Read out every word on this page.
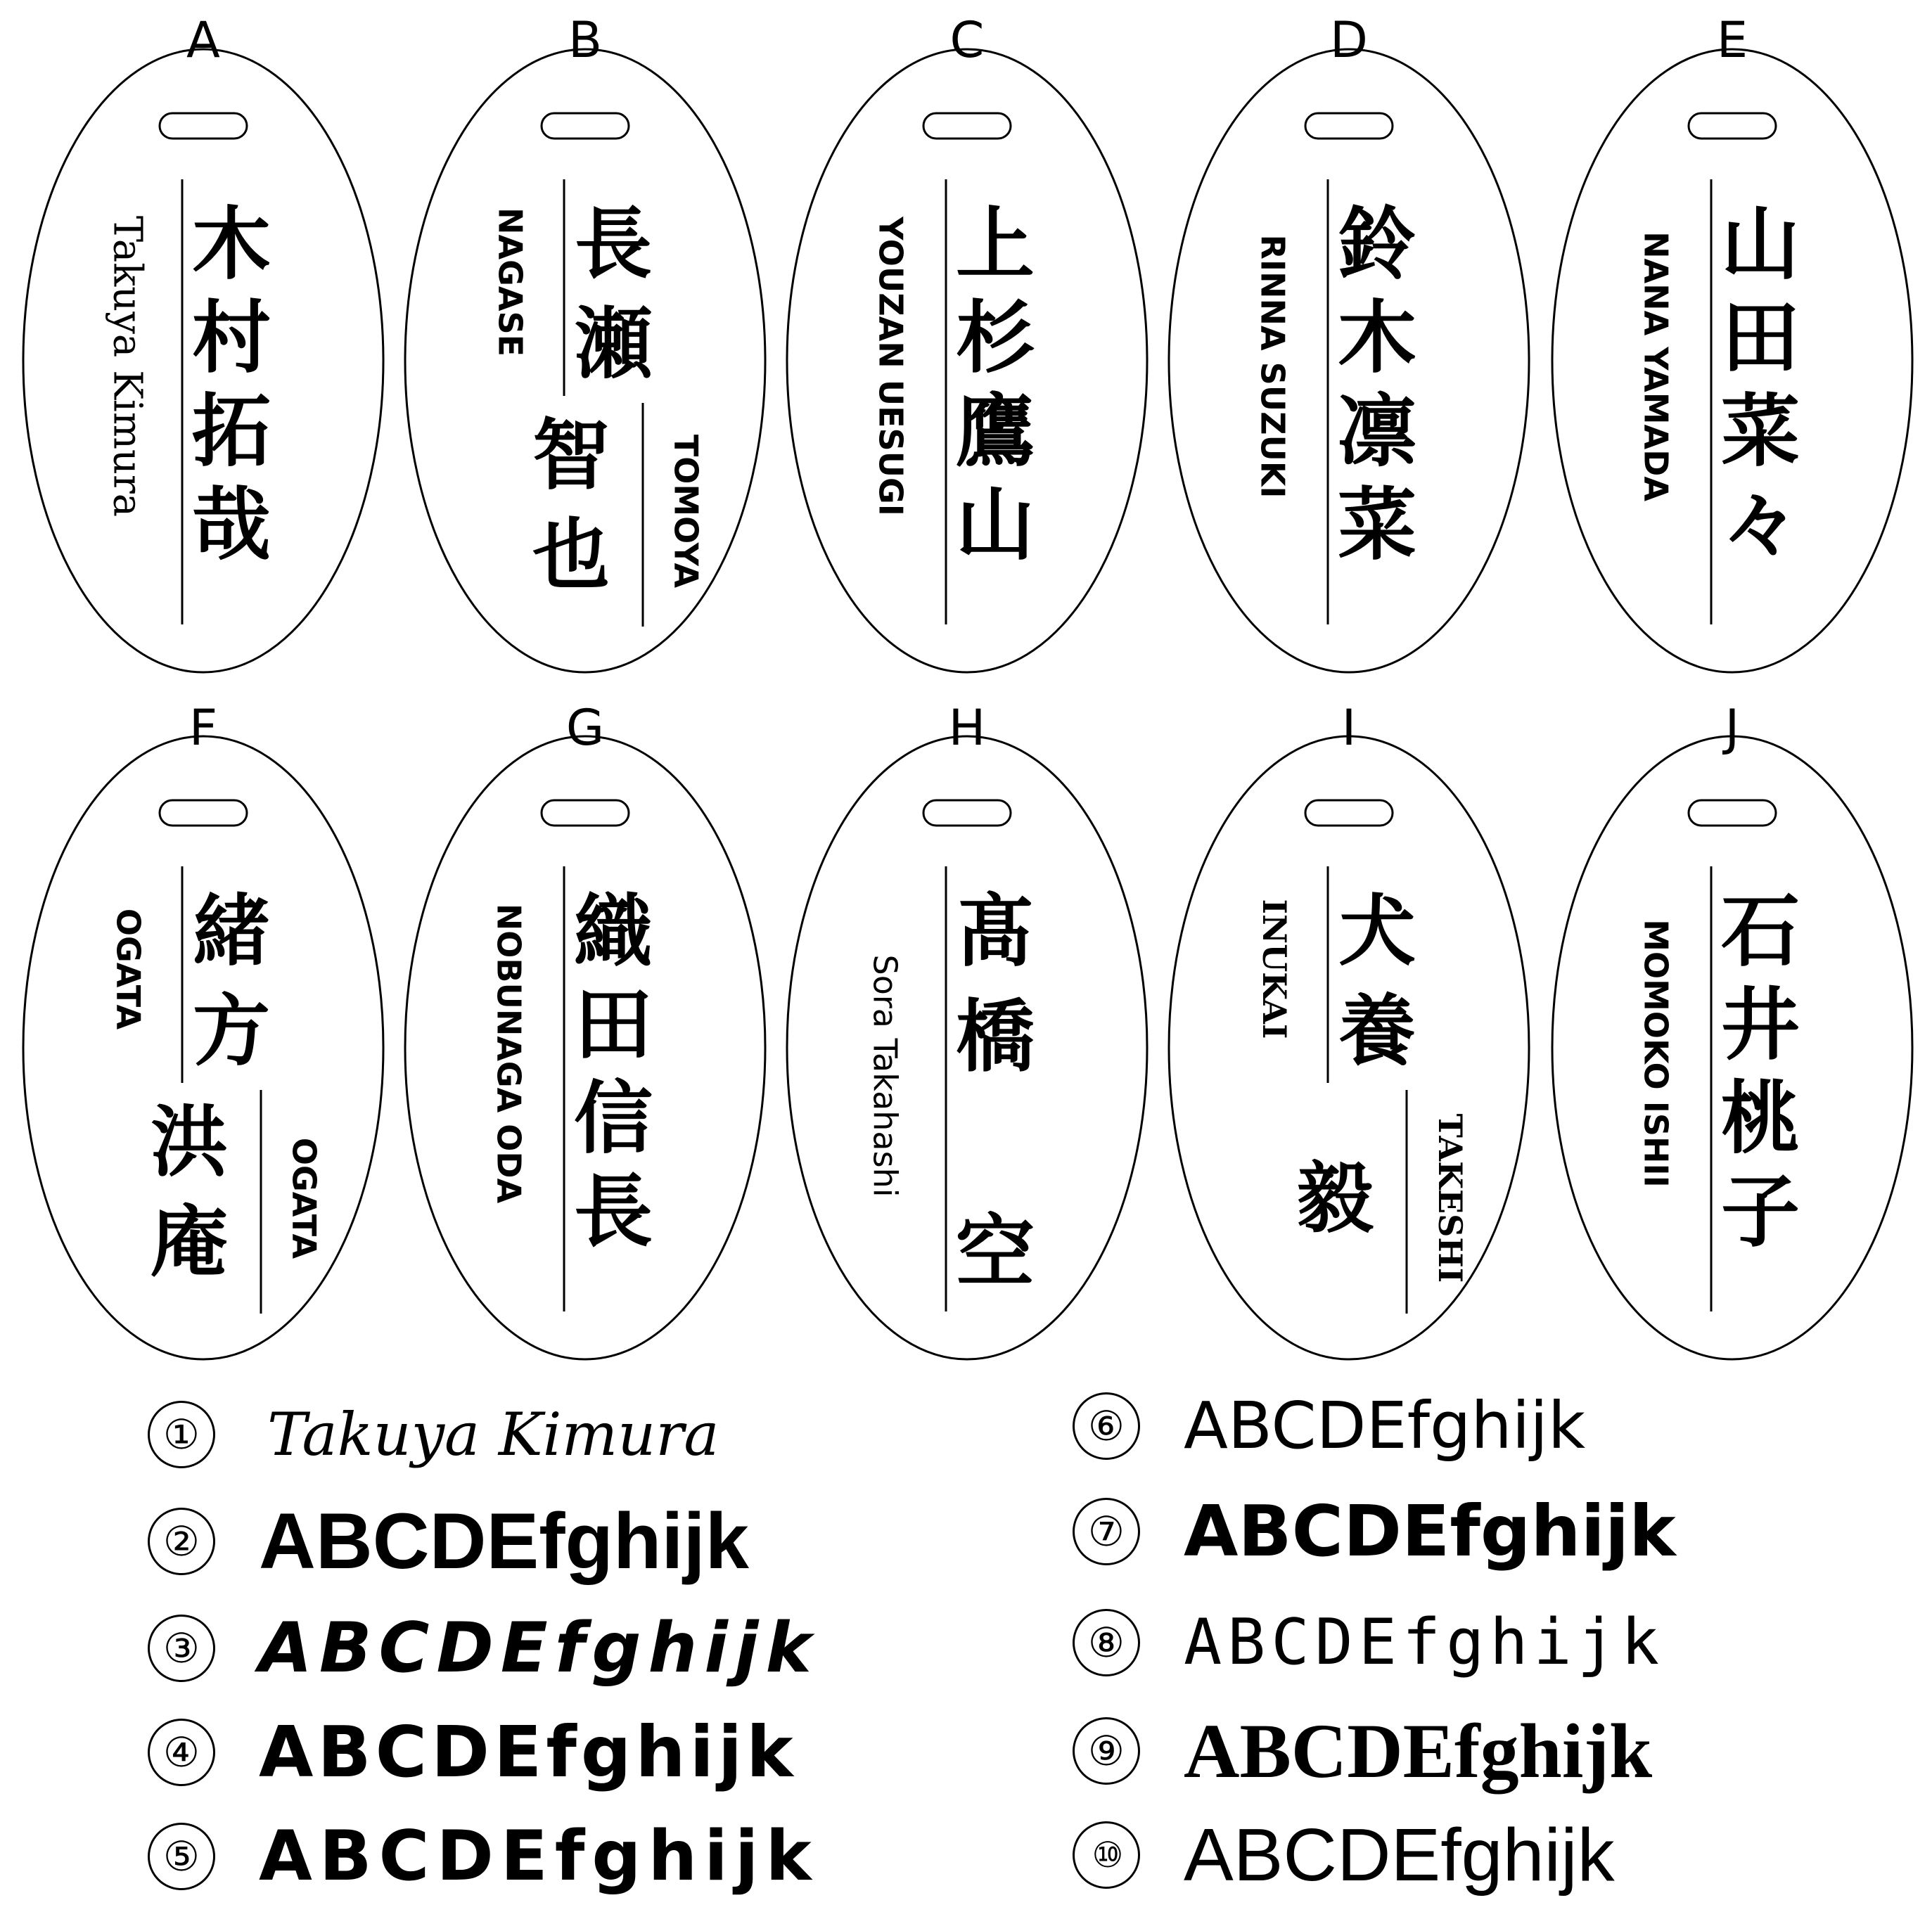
A
木
村
拓
哉
Takuya Kimura
B
長
瀬
智
也
NAGASE
TOMOYA
C
上
杉
鷹
山
YOUZAN UESUGI
D
鈴
木
凛
菜
RINNA SUZUKI
E
山
田
菜
々
NANA YAMADA
F
緒
方
洪
庵
OGATA
OGATA
G
織
田
信
長
NOBUNAGA ODA
H
髙
橋
空
Sora Takahashi
I
犬
養
毅
INUKAI
TAKESHI
J
石
井
桃
子
MOMOKO ISHII
① Takuya Kimura
② ABCDEfghijk
③ ABCDEfghijk
④ ABCDEfghijk
⑤ ABCDEfghijk
⑥ ABCDEfghijk
⑦ ABCDEfghijk
⑧ ABCDEfghijk
⑨ ABCDEfghijk
⑩ ABCDEfghijk
